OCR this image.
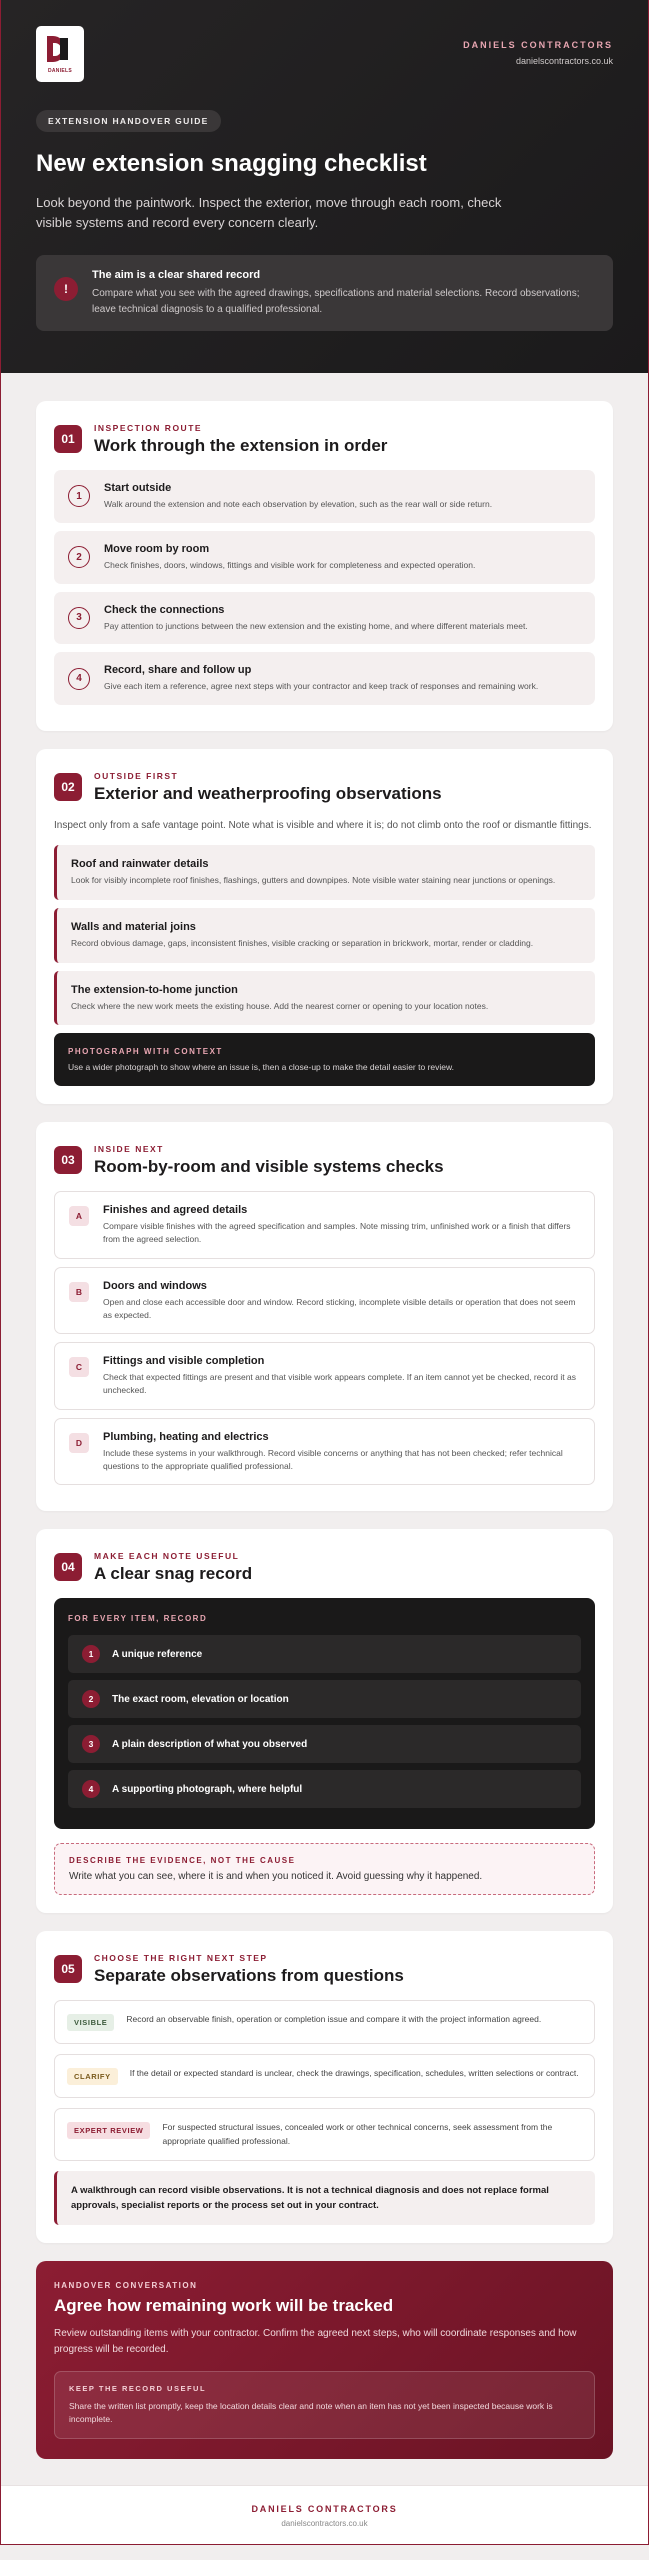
DANIELS
DANIELS CONTRACTORS
danielscontractors.co.uk
EXTENSION HANDOVER GUIDE
New extension snagging checklist

Look beyond the paintwork. Inspect the exterior, move through each room, check visible systems and record every concern clearly.

!
The aim is a clear shared record
Compare what you see with the agreed drawings, specifications and material selections. Record observations; leave technical diagnosis to a qualified professional.
01
INSPECTION ROUTE
Work through the extension in order
1
Start outside
Walk around the extension and note each observation by elevation, such as the rear wall or side return.
2
Move room by room
Check finishes, doors, windows, fittings and visible work for completeness and expected operation.
3
Check the connections
Pay attention to junctions between the new extension and the existing home, and where different materials meet.
4
Record, share and follow up
Give each item a reference, agree next steps with your contractor and keep track of responses and remaining work.
02
OUTSIDE FIRST
Exterior and weatherproofing observations

Inspect only from a safe vantage point. Note what is visible and where it is; do not climb onto the roof or dismantle fittings.

Roof and rainwater details
Look for visibly incomplete roof finishes, flashings, gutters and downpipes. Note visible water staining near junctions or openings.
Walls and material joins
Record obvious damage, gaps, inconsistent finishes, visible cracking or separation in brickwork, mortar, render or cladding.
The extension-to-home junction
Check where the new work meets the existing house. Add the nearest corner or opening to your location notes.
PHOTOGRAPH WITH CONTEXT
Use a wider photograph to show where an issue is, then a close-up to make the detail easier to review.
03
INSIDE NEXT
Room-by-room and visible systems checks
A	Finishes and agreed details
Compare visible finishes with the agreed specification and samples. Note missing trim, unfinished work or a finish that differs from the agreed selection.
B	Doors and windows
Open and close each accessible door and window. Record sticking, incomplete visible details or operation that does not seem as expected.
C	Fittings and visible completion
Check that expected fittings are present and that visible work appears complete. If an item cannot yet be checked, record it as unchecked.
D	Plumbing, heating and electrics
Include these systems in your walkthrough. Record visible concerns or anything that has not been checked; refer technical questions to the appropriate qualified professional.
04
MAKE EACH NOTE USEFUL
A clear snag record
FOR EVERY ITEM, RECORD
1	A unique reference
2	The exact room, elevation or location
3	A plain description of what you observed
4	A supporting photograph, where helpful
DESCRIBE THE EVIDENCE, NOT THE CAUSE
Write what you can see, where it is and when you noticed it. Avoid guessing why it happened.
05
CHOOSE THE RIGHT NEXT STEP
Separate observations from questions
VISIBLE	Record an observable finish, operation or completion issue and compare it with the project information agreed.
CLARIFY	If the detail or expected standard is unclear, check the drawings, specification, schedules, written selections or contract.
EXPERT REVIEW	For suspected structural issues, concealed work or other technical concerns, seek assessment from the appropriate qualified professional.
A walkthrough can record visible observations. It is not a technical diagnosis and does not replace formal approvals, specialist reports or the process set out in your contract.
HANDOVER CONVERSATION
Agree how remaining work will be tracked

Review outstanding items with your contractor. Confirm the agreed next steps, who will coordinate responses and how progress will be recorded.

KEEP THE RECORD USEFUL
Share the written list promptly, keep the location details clear and note when an item has not yet been inspected because work is incomplete.
DANIELS CONTRACTORS
danielscontractors.co.uk
